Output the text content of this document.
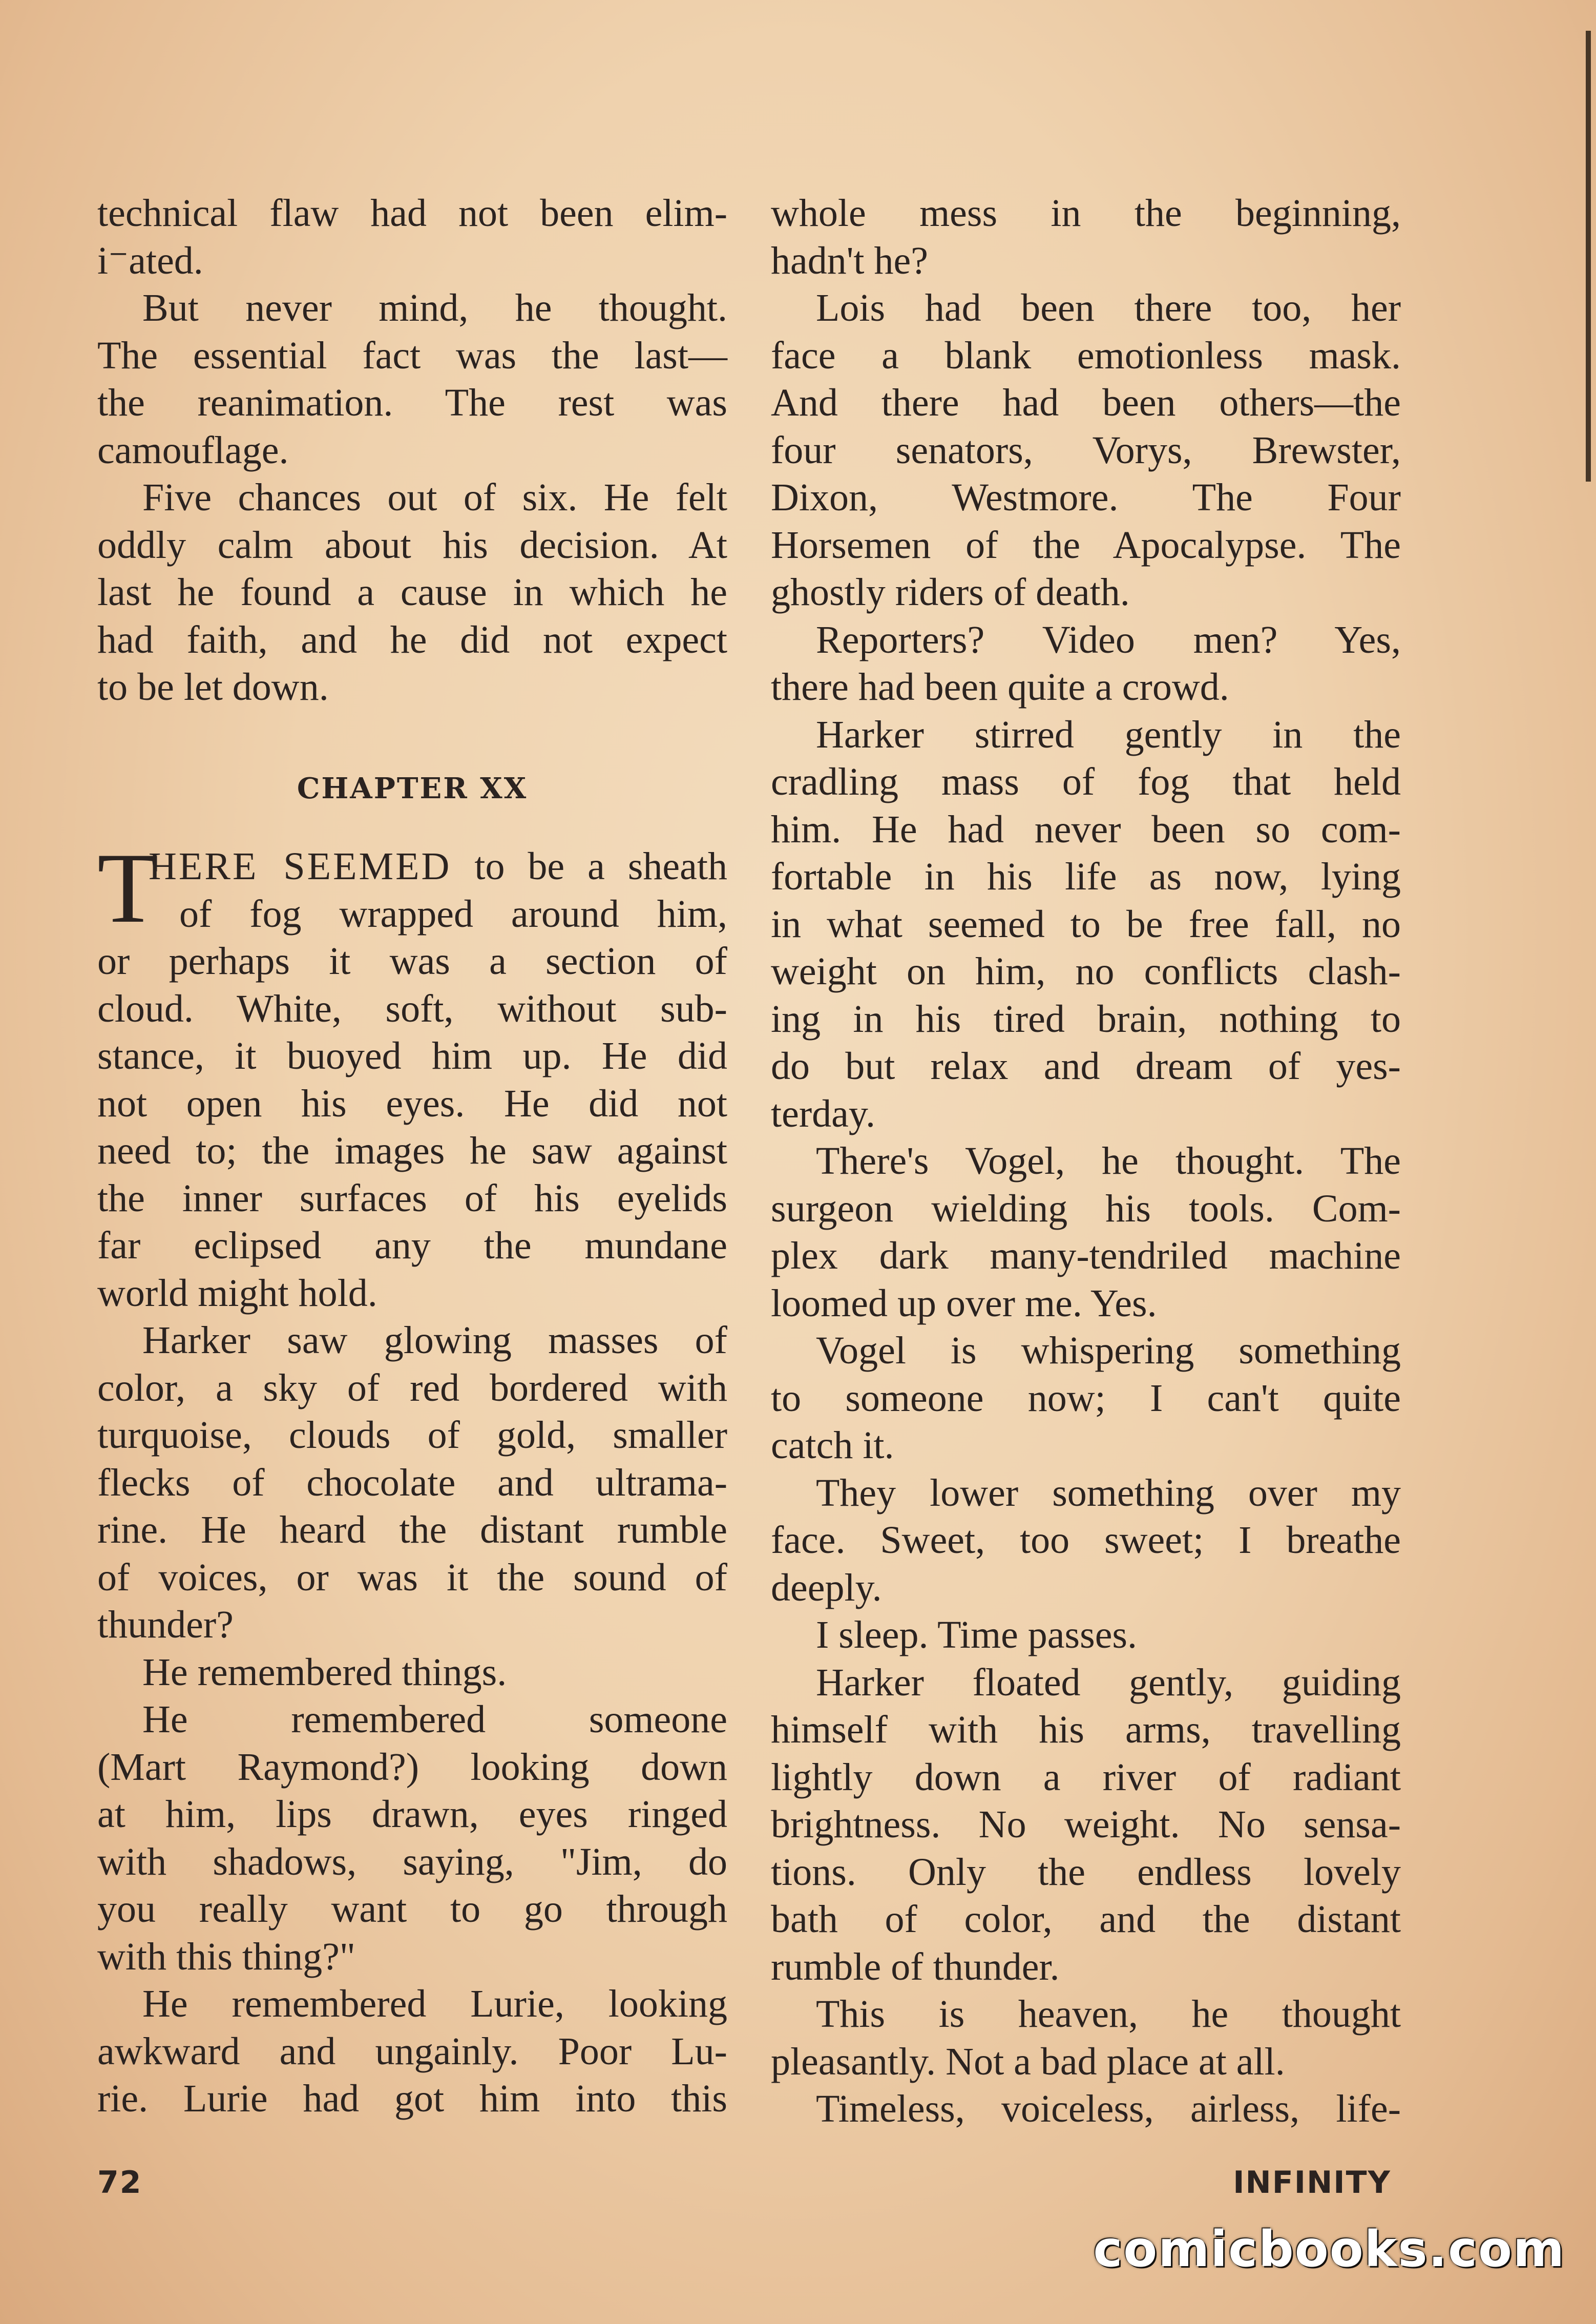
technical flaw had not been elim-
i⁻ated.
But never mind, he thought.
The essential fact was the last—
the reanimation. The rest was
camouflage.
Five chances out of six. He felt
oddly calm about his decision. At
last he found a cause in which he
had faith, and he did not expect
to be let down.
CHAPTER XX
T
HERE SEEMED to be a sheath
of fog wrapped around him,
or perhaps it was a section of
cloud. White, soft, without sub-
stance, it buoyed him up. He did
not open his eyes. He did not
need to; the images he saw against
the inner surfaces of his eyelids
far eclipsed any the mundane
world might hold.
Harker saw glowing masses of
color, a sky of red bordered with
turquoise, clouds of gold, smaller
flecks of chocolate and ultrama-
rine. He heard the distant rumble
of voices, or was it the sound of
thunder?
He remembered things.
He remembered someone
(Mart Raymond?) looking down
at him, lips drawn, eyes ringed
with shadows, saying, "Jim, do
you really want to go through
with this thing?"
He remembered Lurie, looking
awkward and ungainly. Poor Lu-
rie. Lurie had got him into this
whole mess in the beginning,
hadn't he?
Lois had been there too, her
face a blank emotionless mask.
And there had been others—the
four senators, Vorys, Brewster,
Dixon, Westmore. The Four
Horsemen of the Apocalypse. The
ghostly riders of death.
Reporters? Video men? Yes,
there had been quite a crowd.
Harker stirred gently in the
cradling mass of fog that held
him. He had never been so com-
fortable in his life as now, lying
in what seemed to be free fall, no
weight on him, no conflicts clash-
ing in his tired brain, nothing to
do but relax and dream of yes-
terday.
There's Vogel, he thought. The
surgeon wielding his tools. Com-
plex dark many-tendriled machine
loomed up over me. Yes.
Vogel is whispering something
to someone now; I can't quite
catch it.
They lower something over my
face. Sweet, too sweet; I breathe
deeply.
I sleep. Time passes.
Harker floated gently, guiding
himself with his arms, travelling
lightly down a river of radiant
brightness. No weight. No sensa-
tions. Only the endless lovely
bath of color, and the distant
rumble of thunder.
This is heaven, he thought
pleasantly. Not a bad place at all.
Timeless, voiceless, airless, life-
72	INFINITY
comicbooks.com
